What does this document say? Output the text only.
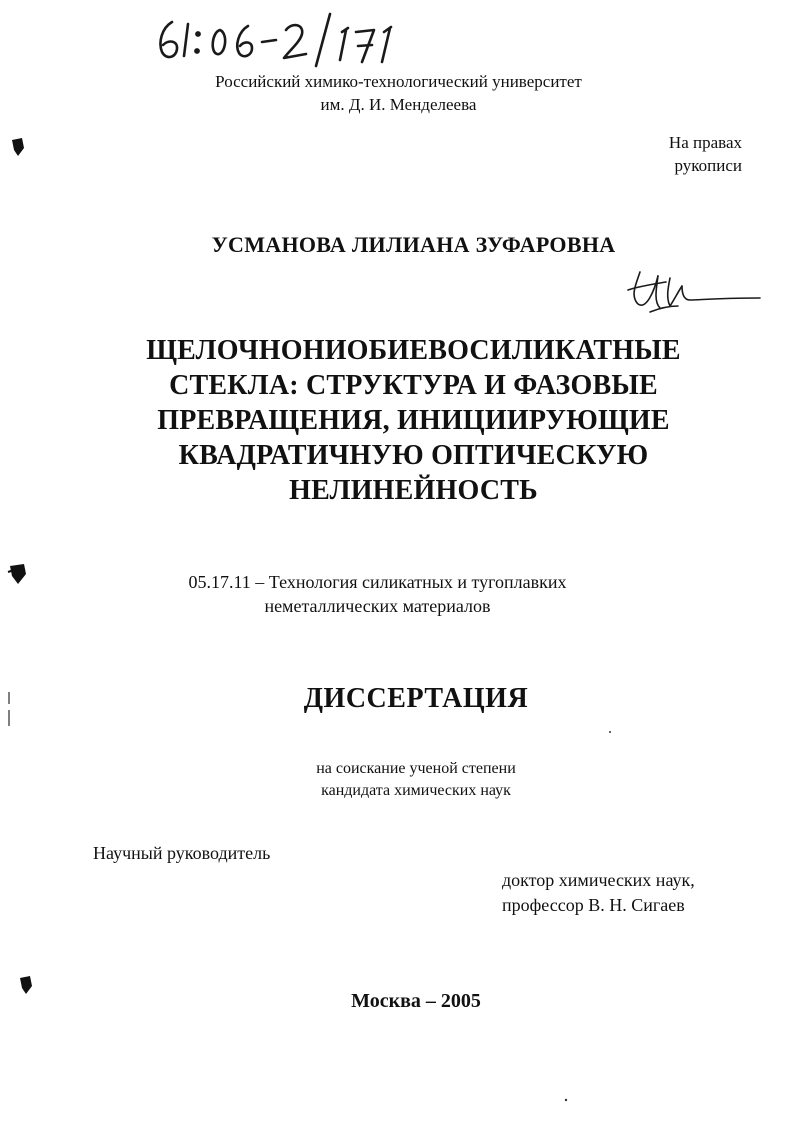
Российский химико-технологический университет
им. Д. И. Менделеева
На правах
рукописи
УСМАНОВА ЛИЛИАНА ЗУФАРОВНА
ЩЕЛОЧНОНИОБИЕВОСИЛИКАТНЫЕ
СТЕКЛА: СТРУКТУРА И ФАЗОВЫЕ
ПРЕВРАЩЕНИЯ, ИНИЦИИРУЮЩИЕ
КВАДРАТИЧНУЮ ОПТИЧЕСКУЮ
НЕЛИНЕЙНОСТЬ
05.17.11 – Технология силикатных и тугоплавких
неметаллических материалов
ДИССЕРТАЦИЯ
на соискание ученой степени
кандидата химических наук
Научный руководитель
доктор химических наук,
профессор В. Н. Сигаев
Москва – 2005
